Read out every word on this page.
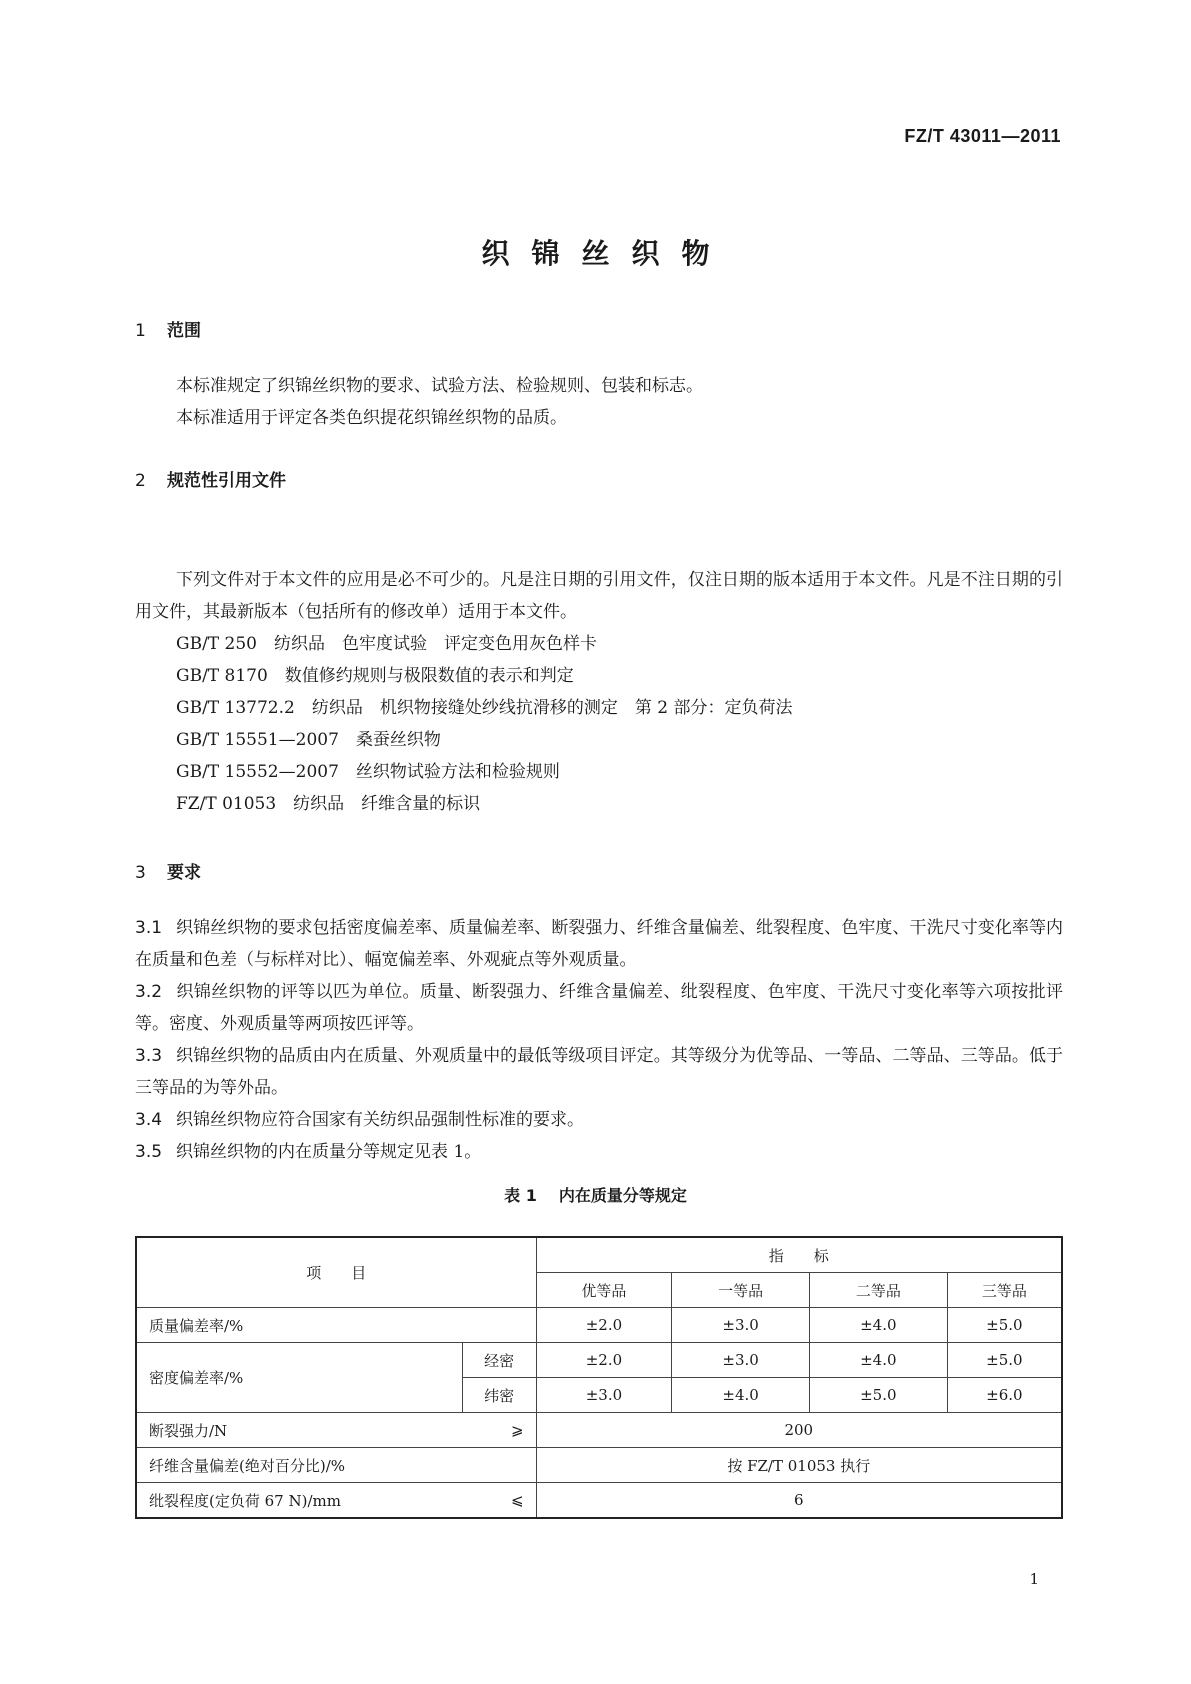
FZ/T 43011—2011
织锦丝织物
1 范围
本标准规定了织锦丝织物的要求、试验方法、检验规则、包装和标志。
本标准适用于评定各类色织提花织锦丝织物的品质。
2 规范性引用文件
下列文件对于本文件的应用是必不可少的。凡是注日期的引用文件，仅注日期的版本适用于本文件。凡是不注日期的引用文件，其最新版本（包括所有的修改单）适用于本文件。
GB/T 250　纺织品　色牢度试验　评定变色用灰色样卡
GB/T 8170　数值修约规则与极限数值的表示和判定
GB/T 13772.2　纺织品　机织物接缝处纱线抗滑移的测定　第 2 部分：定负荷法
GB/T 15551—2007　桑蚕丝织物
GB/T 15552—2007　丝织物试验方法和检验规则
FZ/T 01053　纺织品　纤维含量的标识
3 要求
3.1 织锦丝织物的要求包括密度偏差率、质量偏差率、断裂强力、纤维含量偏差、纰裂程度、色牢度、干洗尺寸变化率等内在质量和色差（与标样对比）、幅宽偏差率、外观疵点等外观质量。
3.2 织锦丝织物的评等以匹为单位。质量、断裂强力、纤维含量偏差、纰裂程度、色牢度、干洗尺寸变化率等六项按批评等。密度、外观质量等两项按匹评等。
3.3 织锦丝织物的品质由内在质量、外观质量中的最低等级项目评定。其等级分为优等品、一等品、二等品、三等品。低于三等品的为等外品。
3.4 织锦丝织物应符合国家有关纺织品强制性标准的要求。
3.5 织锦丝织物的内在质量分等规定见表 1。
表 1 内在质量分等规定
项　　目		指　　标			
		优等品	一等品	二等品	三等品
质量偏差率/%		±2.0	±3.0	±4.0	±5.0
密度偏差率/%	经密	±2.0	±3.0	±4.0	±5.0
	纬密	±3.0	±4.0	±5.0	±6.0
断裂强力/N	⩾	200			
纤维含量偏差(绝对百分比)/%		按 FZ/T 01053 执行			
纰裂程度(定负荷 67 N)/mm	⩽	6			
1
